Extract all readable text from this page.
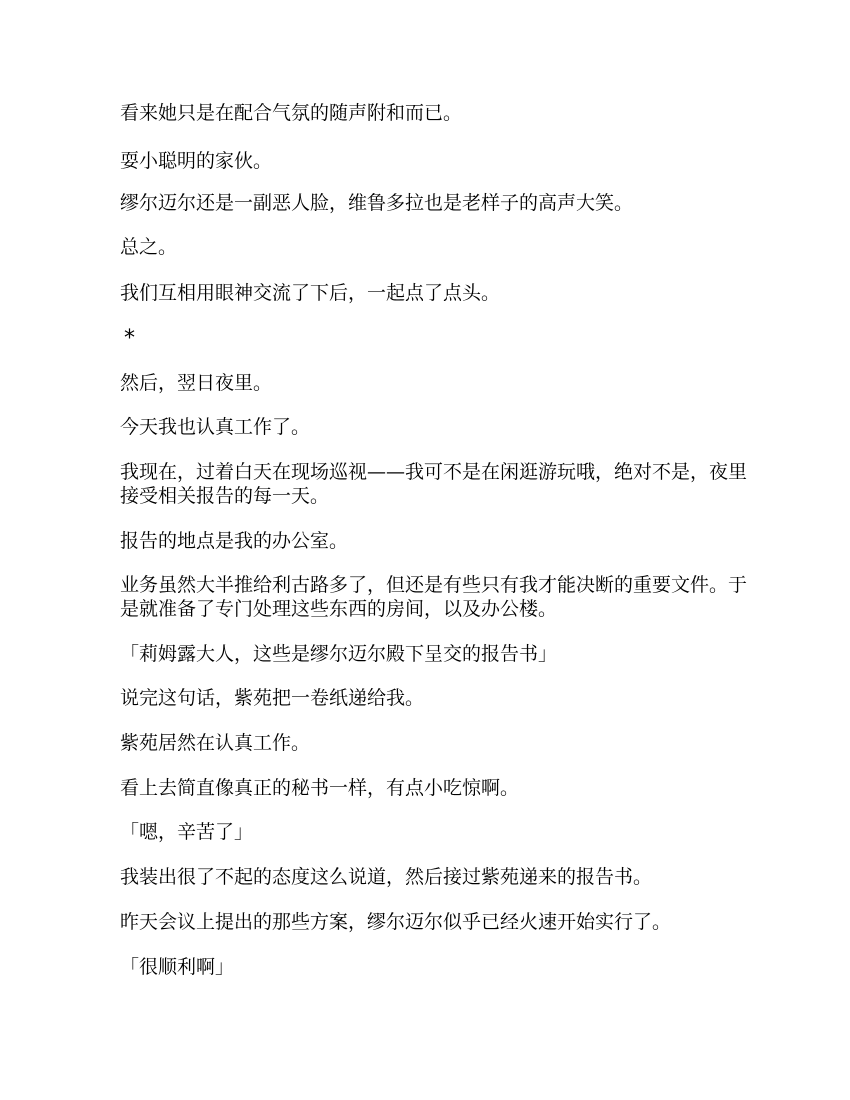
看来她只是在配合气氛的随声附和而已。

耍小聪明的家伙。

缪尔迈尔还是一副恶人脸，维鲁多拉也是老样子的高声大笑。

总之。

我们互相用眼神交流了下后，一起点了点头。

*

然后，翌日夜里。

今天我也认真工作了。

我现在，过着白天在现场巡视——我可不是在闲逛游玩哦，绝对不是，夜里接受相关报告的每一天。

报告的地点是我的办公室。

业务虽然大半推给利古路多了，但还是有些只有我才能决断的重要文件。于是就准备了专门处理这些东西的房间，以及办公楼。

「莉姆露大人，这些是缪尔迈尔殿下呈交的报告书」

说完这句话，紫苑把一卷纸递给我。

紫苑居然在认真工作。

看上去简直像真正的秘书一样，有点小吃惊啊。

「嗯，辛苦了」

我装出很了不起的态度这么说道，然后接过紫苑递来的报告书。

昨天会议上提出的那些方案，缪尔迈尔似乎已经火速开始实行了。

「很顺利啊」
